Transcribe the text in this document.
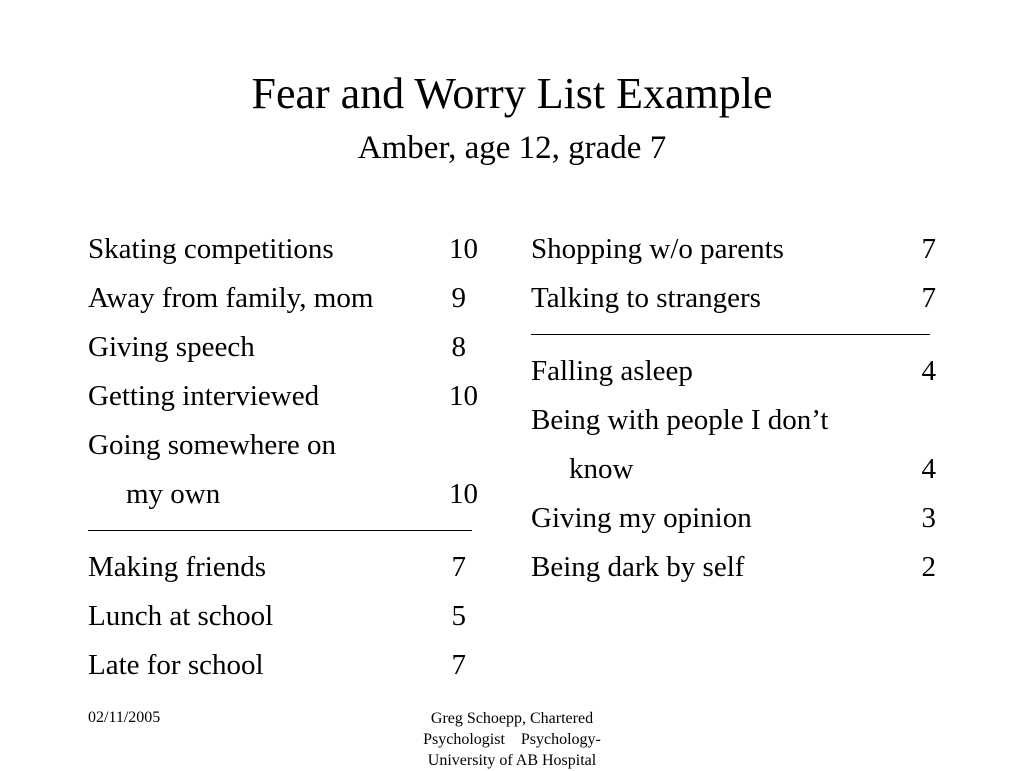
Fear and Worry List Example
Amber, age 12, grade 7
Skating competitions	10
Away from family, mom	9
Giving speech	8
Getting interviewed	10
Going somewhere on
my own	10
Making friends	7
Lunch at school	5
Late for school	7
Shopping w/o parents	7
Talking to strangers	7
Falling asleep	4
Being with people I don’t
know	4
Giving my opinion	3
Being dark by self	2
02/11/2005	Greg Schoepp, Chartered
Psychologist    Psychology-
University of AB Hospital
